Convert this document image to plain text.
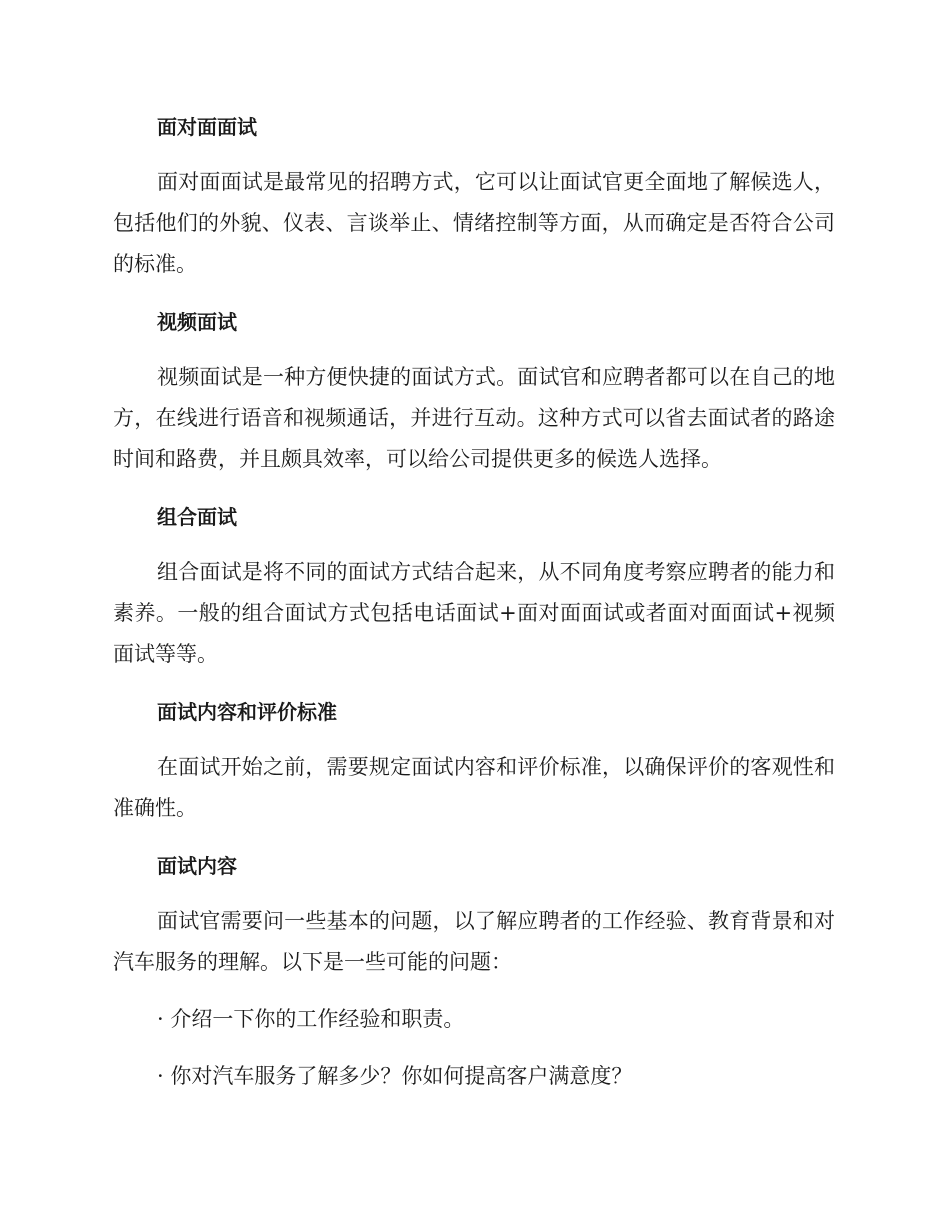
面对面面试

面对面面试是最常见的招聘方式，它可以让面试官更全面地了解候选人，包括他们的外貌、仪表、言谈举止、情绪控制等方面，从而确定是否符合公司的标准。

视频面试

视频面试是一种方便快捷的面试方式。面试官和应聘者都可以在自己的地方，在线进行语音和视频通话，并进行互动。这种方式可以省去面试者的路途时间和路费，并且颇具效率，可以给公司提供更多的候选人选择。

组合面试

组合面试是将不同的面试方式结合起来，从不同角度考察应聘者的能力和素养。一般的组合面试方式包括电话面试+面对面面试或者面对面面试+视频面试等等。

面试内容和评价标准

在面试开始之前，需要规定面试内容和评价标准，以确保评价的客观性和准确性。

面试内容

面试官需要问一些基本的问题，以了解应聘者的工作经验、教育背景和对汽车服务的理解。以下是一些可能的问题：

· 介绍一下你的工作经验和职责。

· 你对汽车服务了解多少？你如何提高客户满意度？
